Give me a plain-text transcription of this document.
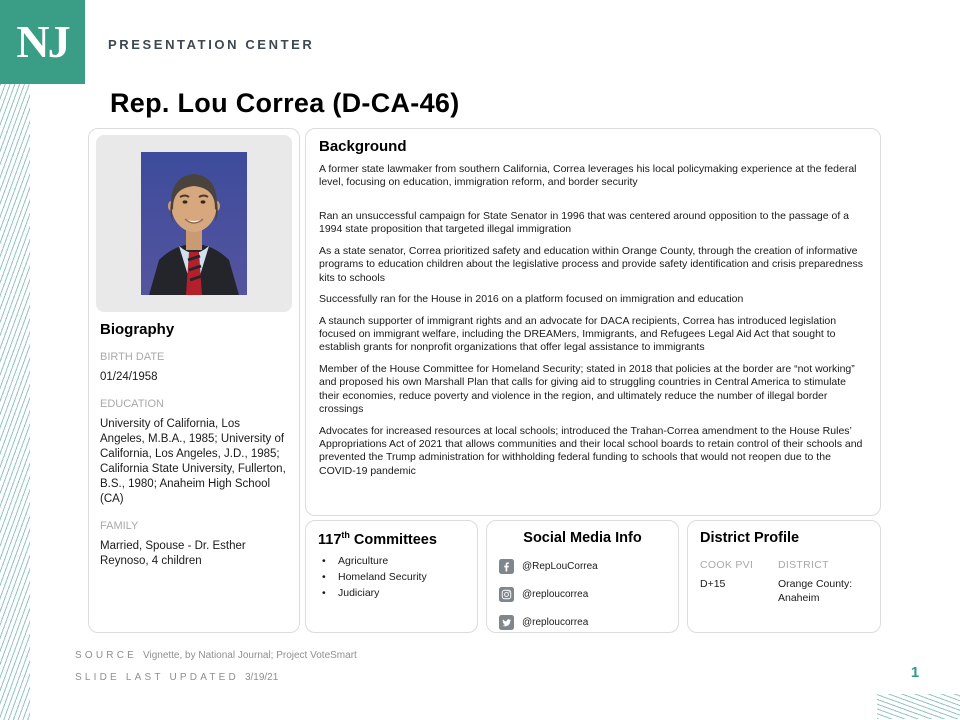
NJ	PRESENTATION CENTER
Rep. Lou Correa (D-CA-46)
Biography
BIRTH DATE
01/24/1958
EDUCATION
University of California, Los Angeles, M.B.A., 1985; University of California, Los Angeles, J.D., 1985; California State University, Fullerton, B.S., 1980; Anaheim High School (CA)
FAMILY
Married, Spouse - Dr. Esther Reynoso, 4 children
Background

A former state lawmaker from southern California, Correa leverages his local policymaking experience at the federal level, focusing on education, immigration reform, and border security

Ran an unsuccessful campaign for State Senator in 1996 that was centered around opposition to the passage of a 1994 state proposition that targeted illegal immigration

As a state senator, Correa prioritized safety and education within Orange County, through the creation of informative programs to education children about the legislative process and provide safety identification and crisis preparedness kits to schools

Successfully ran for the House in 2016 on a platform focused on immigration and education

A staunch supporter of immigrant rights and an advocate for DACA recipients, Correa has introduced legislation focused on immigrant welfare, including the DREAMers, Immigrants, and Refugees Legal Aid Act that sought to establish grants for nonprofit organizations that offer legal assistance to immigrants

Member of the House Committee for Homeland Security; stated in 2018 that policies at the border are “not working” and proposed his own Marshall Plan that calls for giving aid to struggling countries in Central America to stimulate their economies, reduce poverty and violence in the region, and ultimately reduce the number of illegal border crossings

Advocates for increased resources at local schools; introduced the Trahan-Correa amendment to the House Rules’ Appropriations Act of 2021 that allows communities and their local school boards to retain control of their schools and prevented the Trump administration for withholding federal funding to schools that would not reopen due to the COVID-19 pandemic

117th Committees
• Agriculture
• Homeland Security
• Judiciary
Social Media Info
@RepLouCorrea
@reploucorrea
@reploucorrea
District Profile
COOK PVI	DISTRICT
D+15	Orange County: Anaheim
SOURCE Vignette, by National Journal; Project VoteSmart
SLIDE LAST UPDATED 3/19/21	1
